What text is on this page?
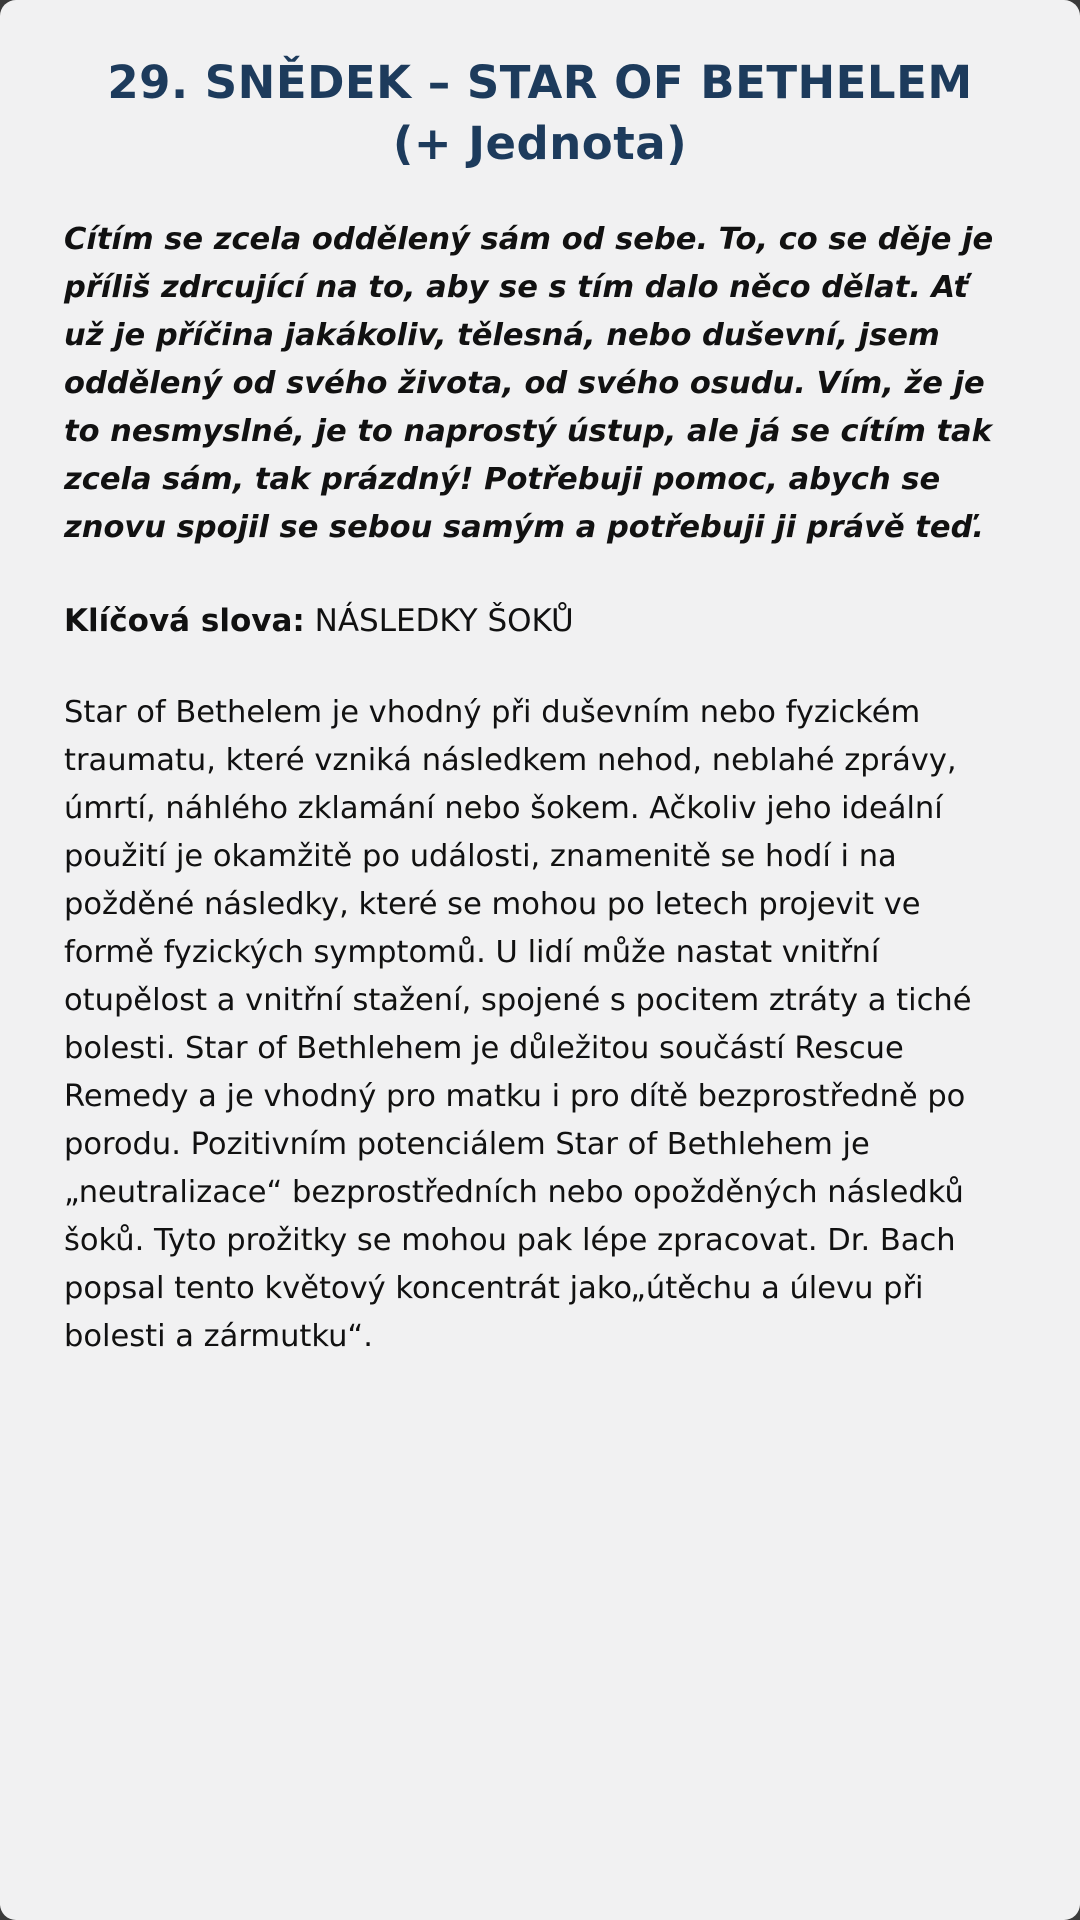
29. SNĚDEK – STAR OF BETHELEM
(+ Jednota)

Cítím se zcela oddělený sám od sebe. To, co se děje je příliš zdrcující na to, aby se s tím dalo něco dělat. Ať už je příčina jakákoliv, tělesná, nebo duševní, jsem oddělený od svého života, od svého osudu. Vím, že je to nesmyslné, je to naprostý ústup, ale já se cítím tak zcela sám, tak prázdný! Potřebuji pomoc, abych se znovu spojil se sebou samým a potřebuji ji právě teď.

Klíčová slova: NÁSLEDKY ŠOKŮ

Star of Bethelem je vhodný při duševním nebo fyzickém traumatu, které vzniká následkem nehod, neblahé zprávy, úmrtí, náhlého zklamání nebo šokem. Ačkoliv jeho ideální použití je okamžitě po události, znamenitě se hodí i na požděné následky, které se mohou po letech projevit ve formě fyzických symptomů. U lidí může nastat vnitřní otupělost a vnitřní stažení, spojené s pocitem ztráty a tiché bolesti. Star of Bethlehem je důležitou součástí Rescue Remedy a je vhodný pro matku i pro dítě bezprostředně po porodu. Pozitivním potenciálem Star of Bethlehem je „neutralizace“ bezprostředních nebo opožděných následků šoků. Tyto prožitky se mohou pak lépe zpracovat. Dr. Bach popsal tento květový koncentrát jako„útěchu a úlevu při bolesti a zármutku“.
